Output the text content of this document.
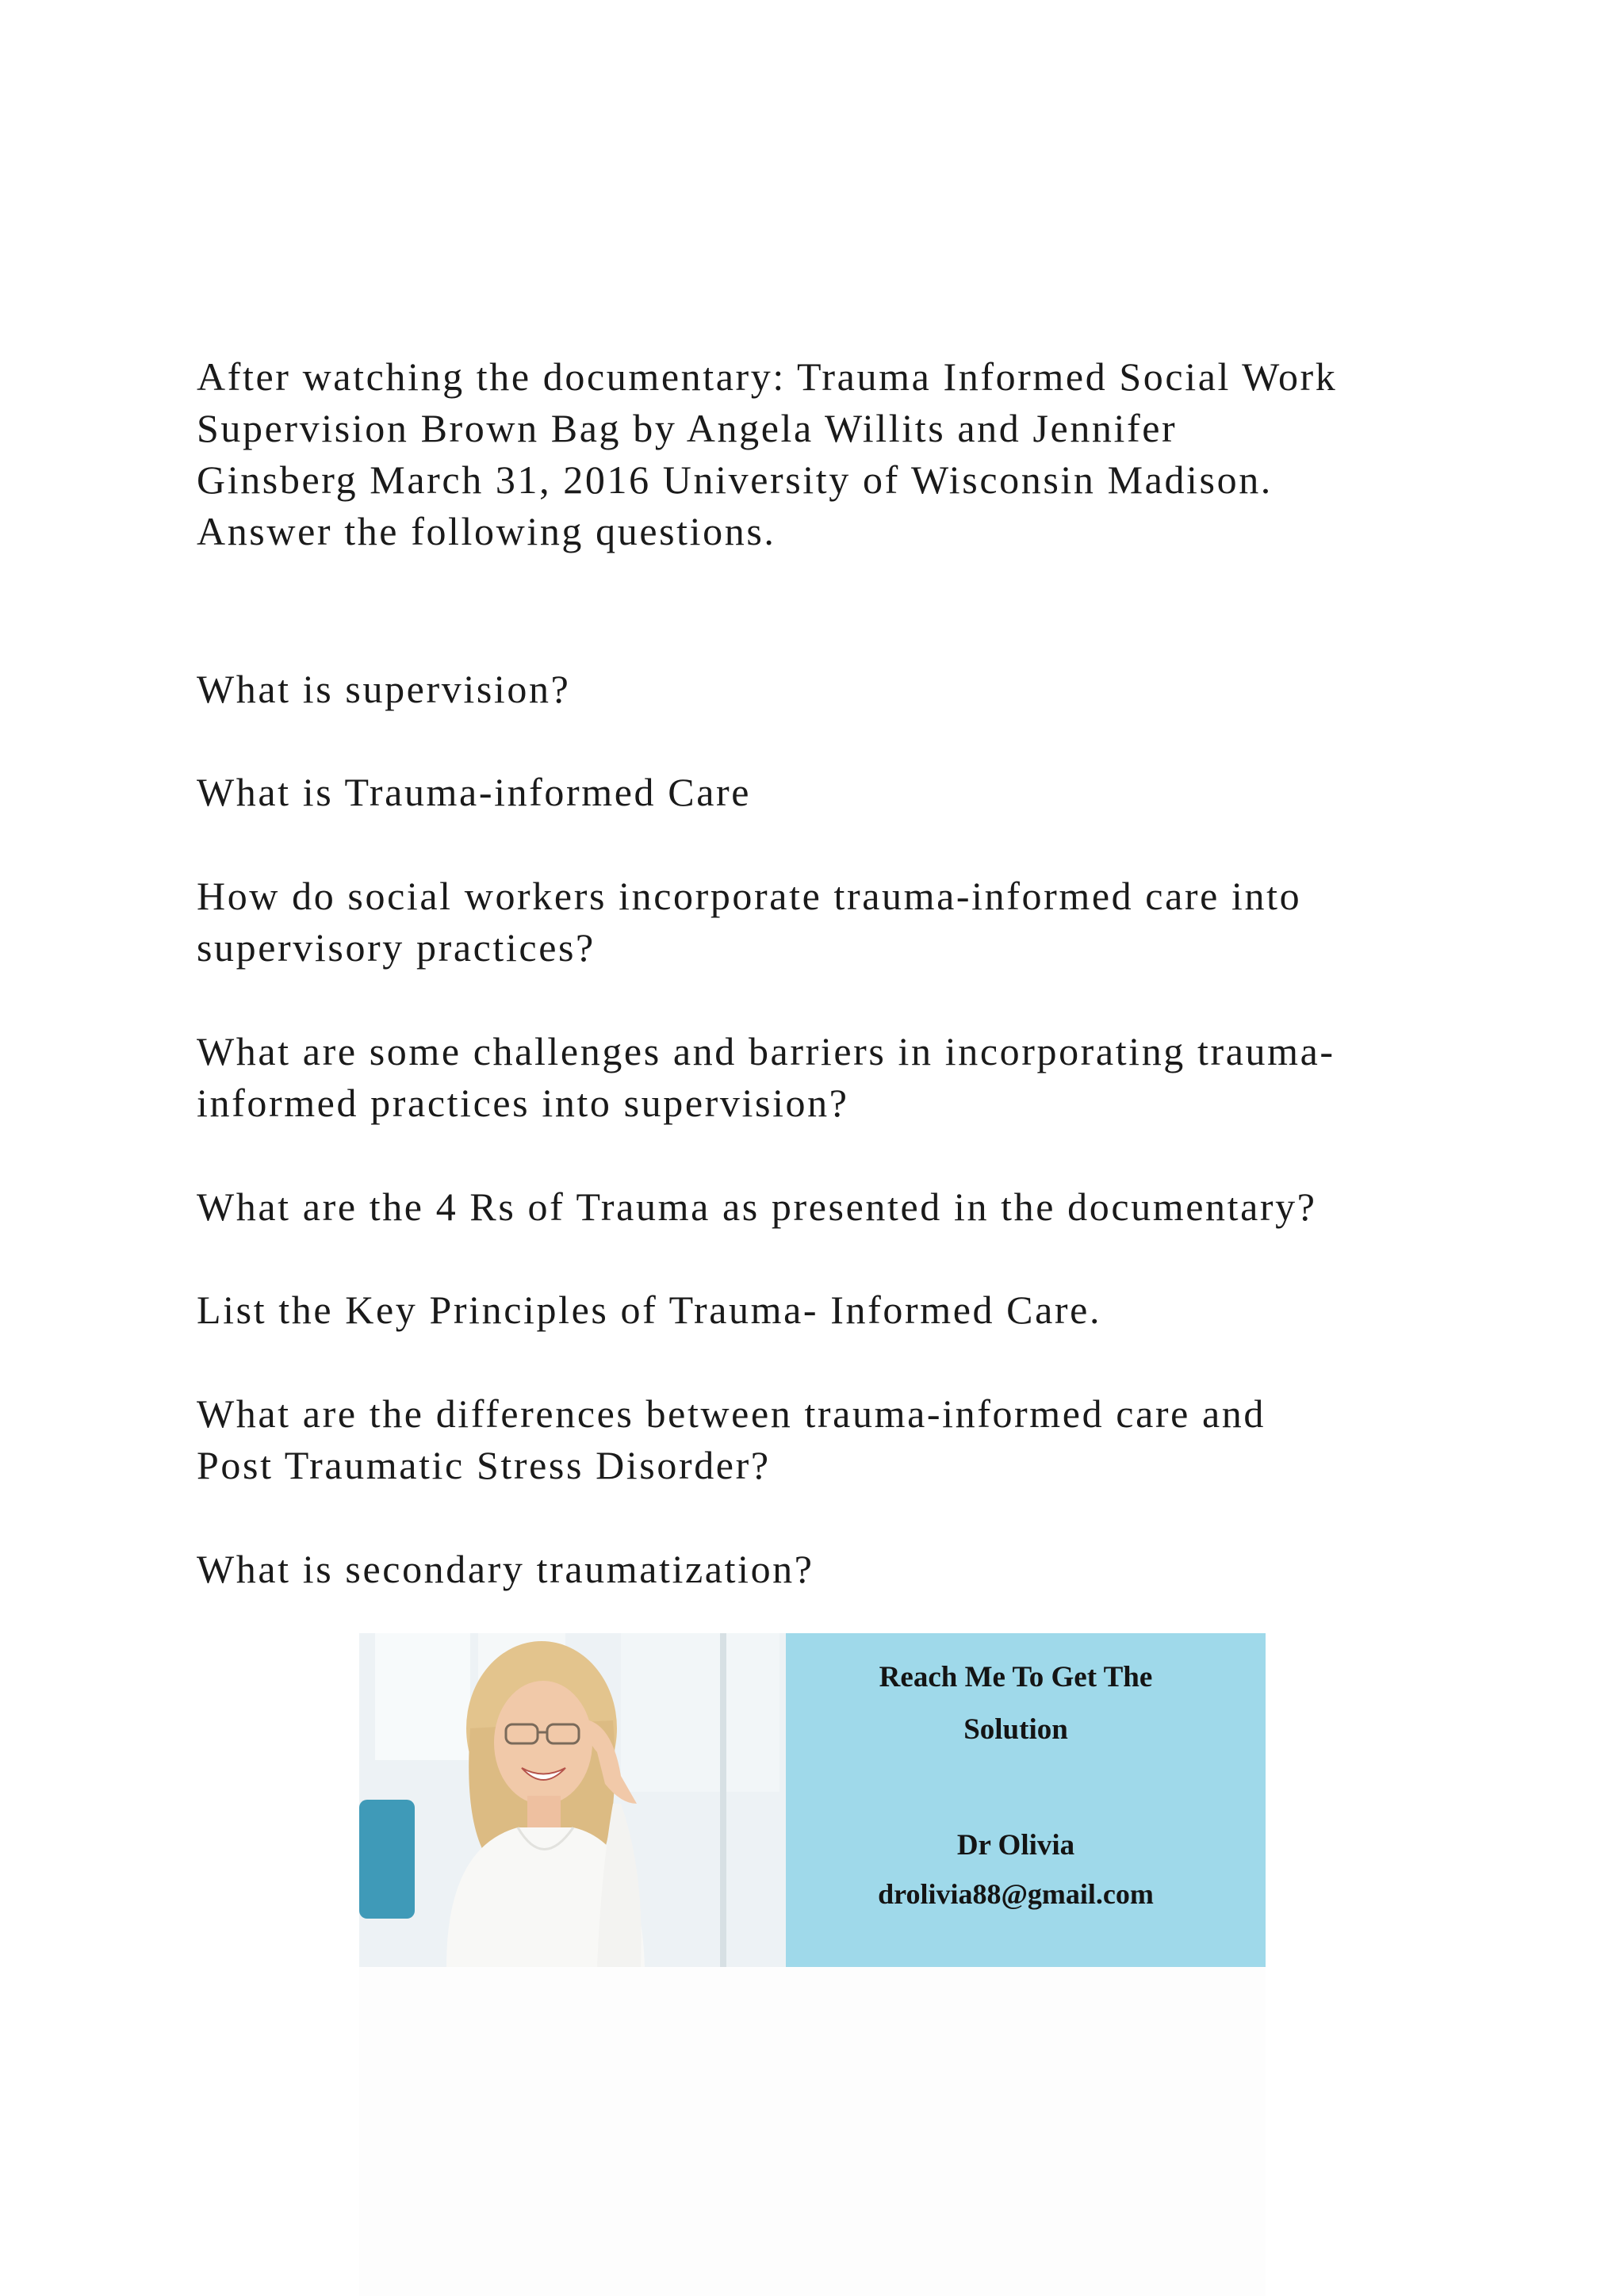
After watching the documentary: Trauma Informed Social Work
Supervision Brown Bag by Angela Willits and Jennifer
Ginsberg March 31, 2016 University of Wisconsin Madison.
Answer the following questions.
What is supervision?
What is Trauma-informed Care
How do social workers incorporate trauma-informed care into
supervisory practices?
What are some challenges and barriers in incorporating trauma-
informed practices into supervision?
What are the 4 Rs of Trauma as presented in the documentary?
List the Key Principles of Trauma- Informed Care.
What are the differences between trauma-informed care and
Post Traumatic Stress Disorder?
What is secondary traumatization?
Reach Me To Get The
Solution
Dr Olivia
drolivia88@gmail.com
